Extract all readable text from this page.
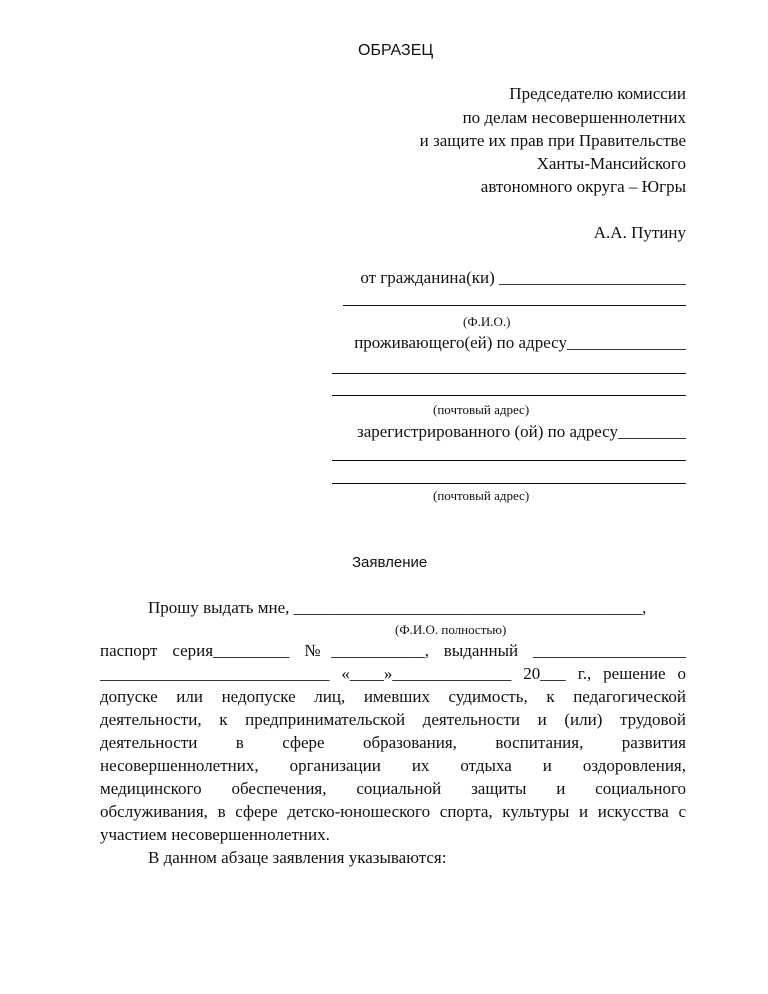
ОБРАЗЕЦ
Председателю комиссии
по делам несовершеннолетних
и защите их прав при Правительстве
Ханты-Мансийского
автономного округа – Югры
А.А. Путину
от гражданина(ки) ______________________
(Ф.И.О.)
проживающего(ей) по адресу______________
(почтовый адрес)
зарегистрированного (ой) по адресу________
(почтовый адрес)
Заявление
Прошу выдать мне, _________________________________________,
(Ф.И.О. полностью)
паспорт серия_________ №___________, выданный __________________
___________________________ «____»______________ 20___ г., решение о
допуске или недопуске лиц, имевших судимость, к педагогической
деятельности, к предпринимательской деятельности и (или) трудовой
деятельности в сфере образования, воспитания, развития
несовершеннолетних, организации их отдыха и оздоровления,
медицинского обеспечения, социальной защиты и социального
обслуживания, в сфере детско-юношеского спорта, культуры и искусства с
участием несовершеннолетних.
В данном абзаце заявления указываются:
